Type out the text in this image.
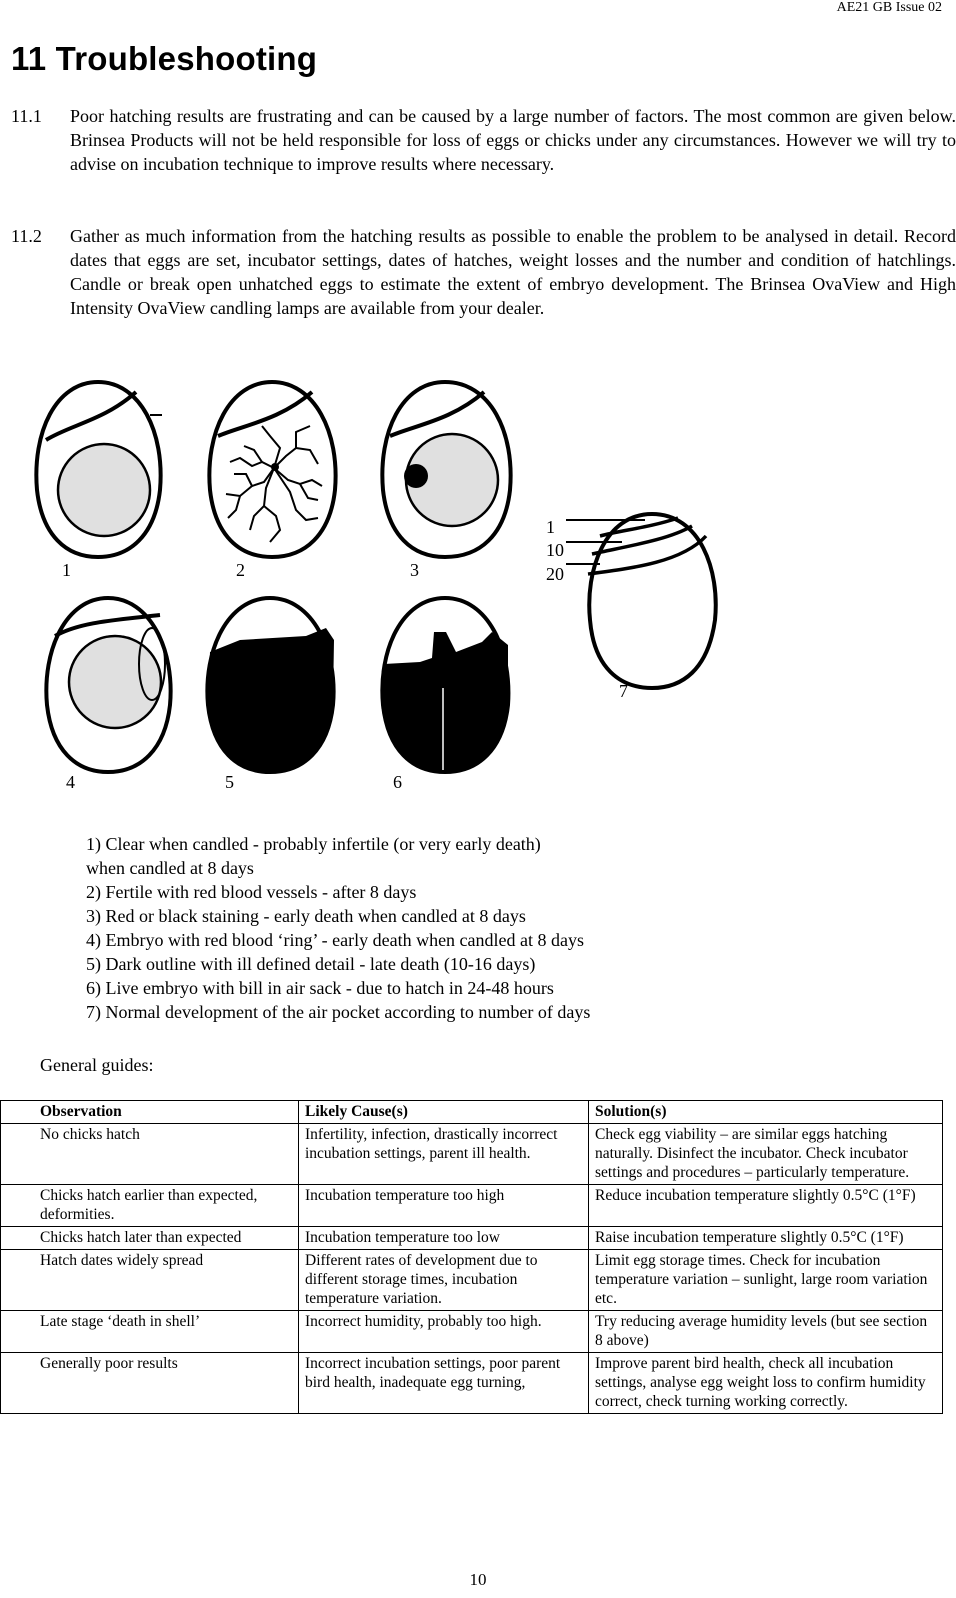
AE21 GB Issue 02
11 Troubleshooting
11.1 Poor hatching results are frustrating and can be caused by a large number of factors. The most common are given below. Brinsea Products will not be held responsible for loss of eggs or chicks under any circumstances. However we will try to advise on incubation technique to improve results where necessary.
11.2 Gather as much information from the hatching results as possible to enable the problem to be analysed in detail. Record dates that eggs are set, incubator settings, dates of hatches, weight losses and the number and condition of hatchlings. Candle or break open unhatched eggs to estimate the extent of embryo development. The Brinsea OvaView and High Intensity OvaView candling lamps are available from your dealer.
1	2	3
4	5	6
1
10
20
7
1) Clear when candled - probably infertile (or very early death)
when candled at 8 days
2) Fertile with red blood vessels - after 8 days
3) Red or black staining - early death when candled at 8 days
4) Embryo with red blood ‘ring’ - early death when candled at 8 days
5) Dark outline with ill defined detail - late death (10-16 days)
6) Live embryo with bill in air sack - due to hatch in 24-48 hours
7) Normal development of the air pocket according to number of days
General guides:
Observation	Likely Cause(s)	Solution(s)
No chicks hatch	Infertility, infection, drastically incorrect incubation settings, parent ill health.	Check egg viability – are similar eggs hatching naturally. Disinfect the incubator. Check incubator settings and procedures – particularly temperature.
Chicks hatch earlier than expected, deformities.	Incubation temperature too high	Reduce incubation temperature slightly 0.5°C (1°F)
Chicks hatch later than expected	Incubation temperature too low	Raise incubation temperature slightly 0.5°C (1°F)
Hatch dates widely spread	Different rates of development due to different storage times, incubation temperature variation.	Limit egg storage times. Check for incubation temperature variation – sunlight, large room variation etc.
Late stage ‘death in shell’	Incorrect humidity, probably too high.	Try reducing average humidity levels (but see section 8 above)
Generally poor results	Incorrect incubation settings, poor parent bird health, inadequate egg turning,	Improve parent bird health, check all incubation settings, analyse egg weight loss to confirm humidity correct, check turning working correctly.
10
